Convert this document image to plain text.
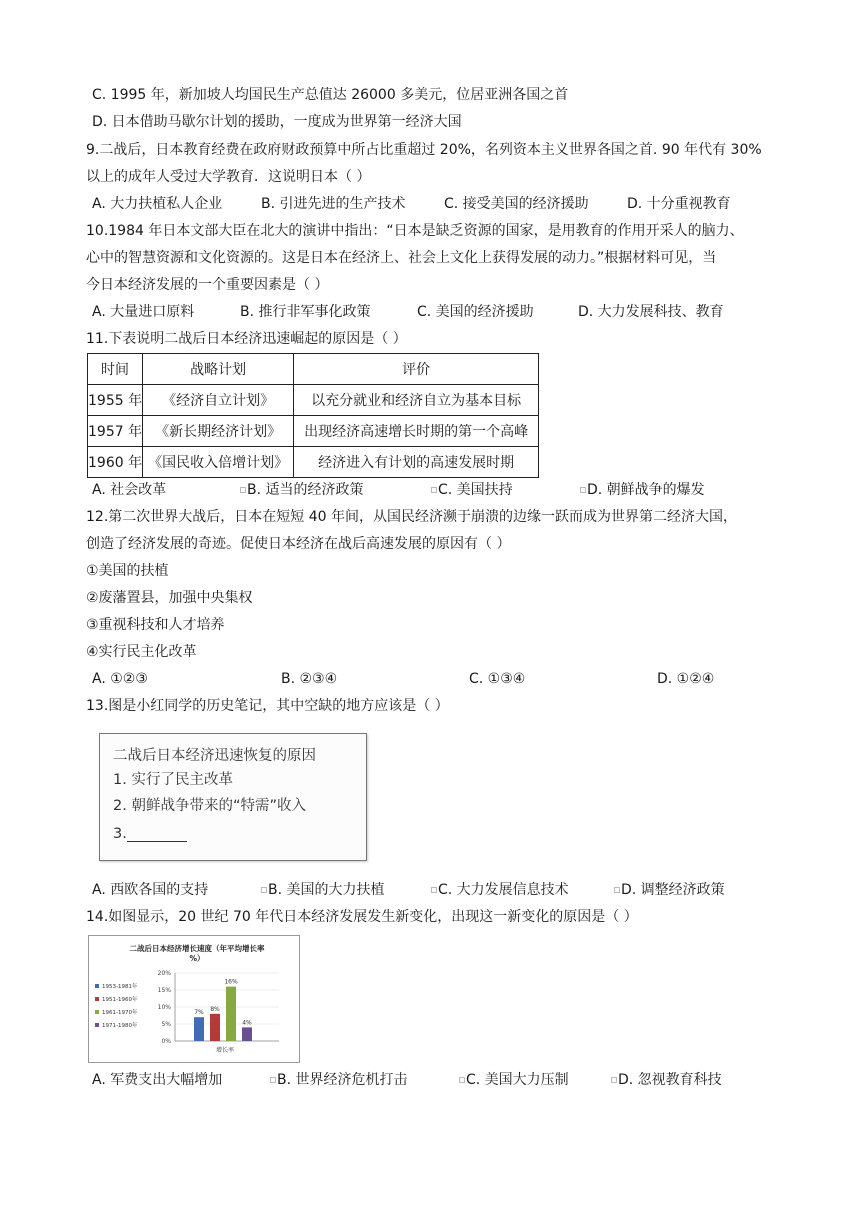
C. 1995 年，新加坡人均国民生产总值达 26000 多美元，位居亚洲各国之首
D. 日本借助马歇尔计划的援助，一度成为世界第一经济大国
9.二战后，日本教育经费在政府财政预算中所占比重超过 20%，名列资本主义世界各国之首. 90 年代有 30%
以上的成年人受过大学教育．这说明日本（ ）
A. 大力扶植私人企业	B. 引进先进的生产技术	C. 接受美国的经济援助	D. 十分重视教育
10.1984 年日本文部大臣在北大的演讲中指出：“日本是缺乏资源的国家，是用教育的作用开采人的脑力、
心中的智慧资源和文化资源的。这是日本在经济上、社会上文化上获得发展的动力。”根据材料可见，当
今日本经济发展的一个重要因素是（ ）
A. 大量进口原料	B. 推行非军事化政策	C. 美国的经济援助	D. 大力发展科技、教育
11.下表说明二战后日本经济迅速崛起的原因是（ ）
时间	战略计划	评价
1955 年	《经济自立计划》	以充分就业和经济自立为基本目标
1957 年	《新长期经济计划》	出现经济高速增长时期的第一个高峰
1960 年	《国民收入倍增计划》	经济进入有计划的高速发展时期
A. 社会改革	B. 适当的经济政策	C. 美国扶持	D. 朝鲜战争的爆发
12.第二次世界大战后，日本在短短 40 年间，从国民经济濒于崩溃的边缘一跃而成为世界第二经济大国，
创造了经济发展的奇迹。促使日本经济在战后高速发展的原因有（ ）
①美国的扶植
②废藩置县，加强中央集权
③重视科技和人才培养
④实行民主化改革
A. ①②③	B. ②③④	C. ①③④	D. ①②④
13.图是小红同学的历史笔记，其中空缺的地方应该是（ ）
二战后日本经济迅速恢复的原因
1. 实行了民主改革
2. 朝鲜战争带来的“特需”收入
3.
A. 西欧各国的支持	B. 美国的大力扶植	C. 大力发展信息技术	D. 调整经济政策
14.如图显示，20 世纪 70 年代日本经济发展发生新变化，出现这一新变化的原因是（ ）
二战后日本经济增长速度（年平均增长率
%）
0%
5%
10%
15%
20%
7% 8%
16%
4%
增长率
1953-1981年
1951-1960年
1961-1970年
1971-1980年
A. 军费支出大幅增加	B. 世界经济危机打击	C. 美国大力压制	D. 忽视教育科技
